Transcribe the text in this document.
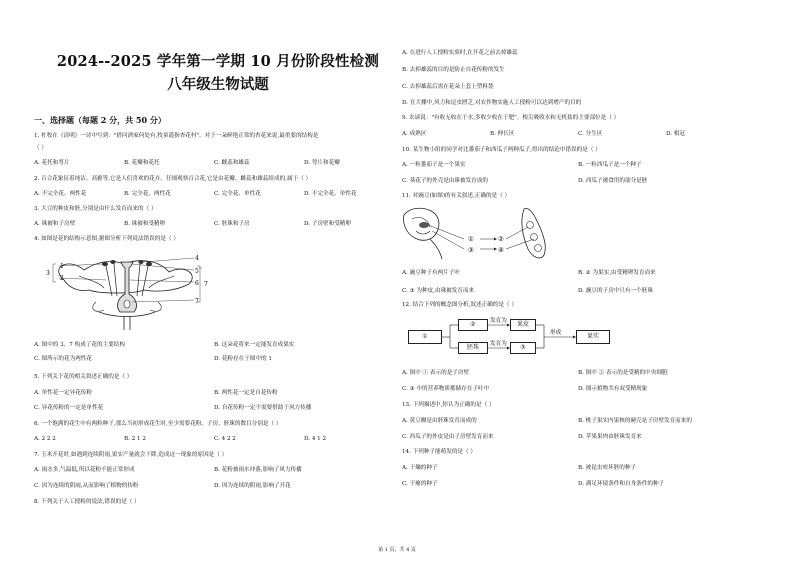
2024--2025 学年第一学期 10 月份阶段性检测
八年级生物试题
一、选择题（每题 2 分，共 50 分）
1. 杜牧在《清明》一诗中写到："借问酒家何处有,牧童遥指杏花村"。对于一朵鲜艳正常的杏花来说,最重要的结构是
（ ）
A. 花托和萼片	B. 花瓣和花托	C. 雌蕊和雄蕊	D. 萼片和花瓣
2. 百合花象征着纯洁、高雅等,它是人们喜欢的花卉。仔细观察百合花,它是由花瓣、雌蕊和雄蕊组成的,属于（ ）
A. 不完全花、两性花	B. 完全花、两性花	C. 完全花、单性花	D. 不完全花、单性花
3. 大豆的种皮和胚,分别是由什么发育而来的（ ）
A. 珠被和子房壁	B. 珠被和受精卵	C. 胚珠和子房	D. 子房壁和受精卵
4. 如图是花的结构示意图,据图分析下列说法错误的是（ ）
4
5
6
7
7
1
2
3
A. 图中的 3、7 构成了花的主要结构	B. 这朵花将来一定能发育成果实
C. 图所示的花为两性花	D. 花粉存在于图中的 1
5. 下列关于花的相关叙述正确的是（ ）
A. 单性花一定异花传粉	B. 两性花一定是自花传粉
C. 异花传粉的一定是单性花	D. 自花传粉一定不需要借助于风力传播
6. 一个饱满的花生中有两粒种子,那么当初形成花生时,至少需要花粉、子房、胚珠的数目分别是（ ）
A. 2 2 2	B. 2 1 2	C. 4 2 2	D. 4 1 2
7. 玉米开花时,如遇到连续阴雨,果实产量就会下降,造成这一现象的原因是（ ）
A. 雨水多,气温低,所以花粉不能正常形成	B. 花粉被雨水冲落,影响了风力传播
C. 因为连续的阴雨,从而影响了植物的传粉	D. 因为连续的阴雨,影响了开花
8. 下列关于人工授粉的说法,错误的是（ ）
A. 在进行人工授粉实验时,在开花之前去掉雄蕊
B. 去掉雄蕊的目的是防止自花传粉的发生
C. 去掉雄蕊后需在花朵上套上塑料袋
D. 在大棚中,风力和昆虫匮乏,对农作物实施人工授粉可以达到增产的目的
9. 农谚说："有收无收在于水,多收少收在于肥"。根尖吸收水和无机盐的主要部位是（ ）
A. 成熟区	B. 伸长区	C. 分生区	D. 根冠
10. 某生物小组的同学对比番茄子和西瓜子两种瓜子,得出的结论中错误的是（ ）
A. 一粒番茄子是一个果实	B. 一粒西瓜子是一个种子
C. 葵花子的外壳是由珠被发育成的	D. 西瓜子被食用的部分是胚
11. 对豌豆(如图)的有关叙述,正确的是（ ）
①
③
②
④
A. 豌豆种子有两片子叶	B. ② 为果实,由受精卵发育而来
C. ③ 为种皮,由珠被发育而来	D. 豌豆的子房中只有一个胚珠
12. 结合下列的概念图分析,叙述正确的是（ ）
①
②
胚珠
果皮
③
果实
发育为
发育为
形成
A. 图中 ① 表示的是子房壁	B. 图中 ② 表示的是受精的中央细胞
C. ③ 中的营养物质都储存在子叶中	D. 图示植物共有双受精现象
13. 下列描述中,你认为正确的是（ ）
A. 黄豆瓣是由胚珠发育而成的	B. 桃子果实内果核的硬壳是子房壁发育而来的
C. 西瓜子的外皮是由子房壁发育而来	D. 苹果果肉由胚珠发育来
14. 下列种子能萌发的是（ ）
A. 干燥的种子	B. 被昆虫咬坏胚的种子
C. 干瘪的种子	D. 满足环境条件和自身条件的种子
第 1 页，共 4 页
